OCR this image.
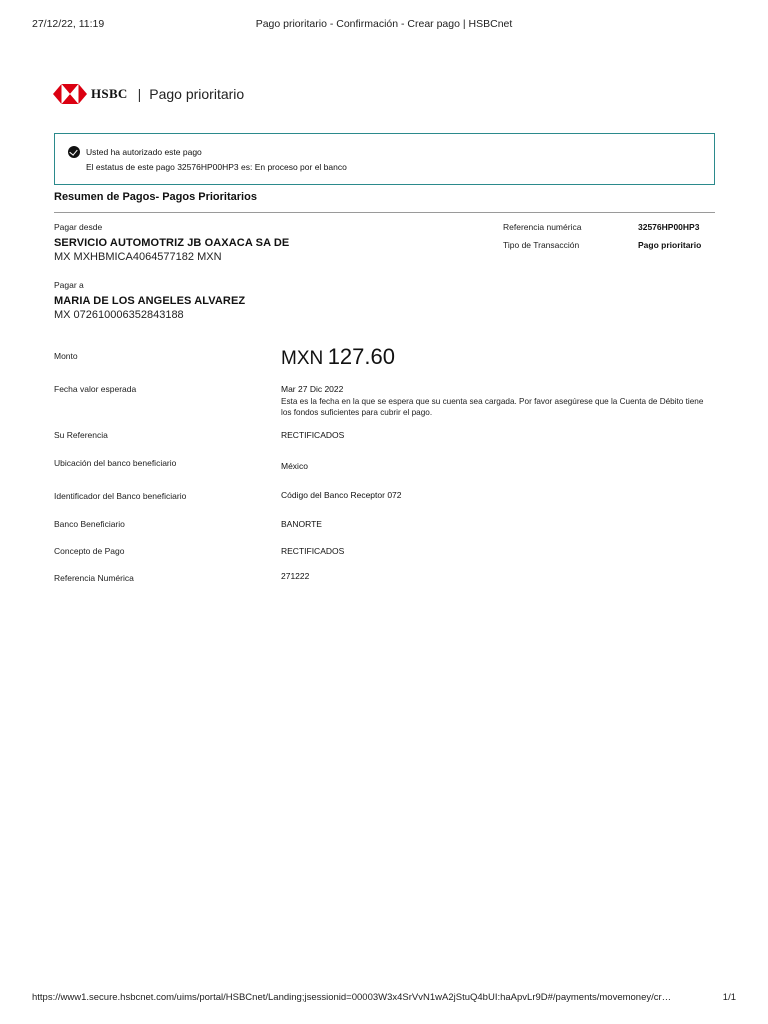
27/12/22, 11:19	Pago prioritario - Confirmación - Crear pago | HSBCnet
HSBC | Pago prioritario
Usted ha autorizado este pago
El estatus de este pago 32576HP00HP3 es: En proceso por el banco
Resumen de Pagos- Pagos Prioritarios
Pagar desde
SERVICIO AUTOMOTRIZ JB OAXACA SA DE
MX MXHBMICA4064577182 MXN
Referencia numérica	32576HP00HP3
Tipo de Transacción	Pago prioritario
Pagar a
MARIA DE LOS ANGELES ALVAREZ
MX 072610006352843188
Monto	MXN 127.60
Fecha valor esperada	Mar 27 Dic 2022
Esta es la fecha en la que se espera que su cuenta sea cargada. Por favor asegúrese que la Cuenta de Débito tiene los fondos suficientes para cubrir el pago.
Su Referencia	RECTIFICADOS
Ubicación del banco beneficiario	México
Identificador del Banco beneficiario	Código del Banco Receptor 072
Banco Beneficiario	BANORTE
Concepto de Pago	RECTIFICADOS
Referencia Numérica	271222
https://www1.secure.hsbcnet.com/uims/portal/HSBCnet/Landing;jsessionid=00003W3x4SrVvN1wA2jStuQ4bUI:haApvLr9D#/payments/movemoney/cr…	1/1
